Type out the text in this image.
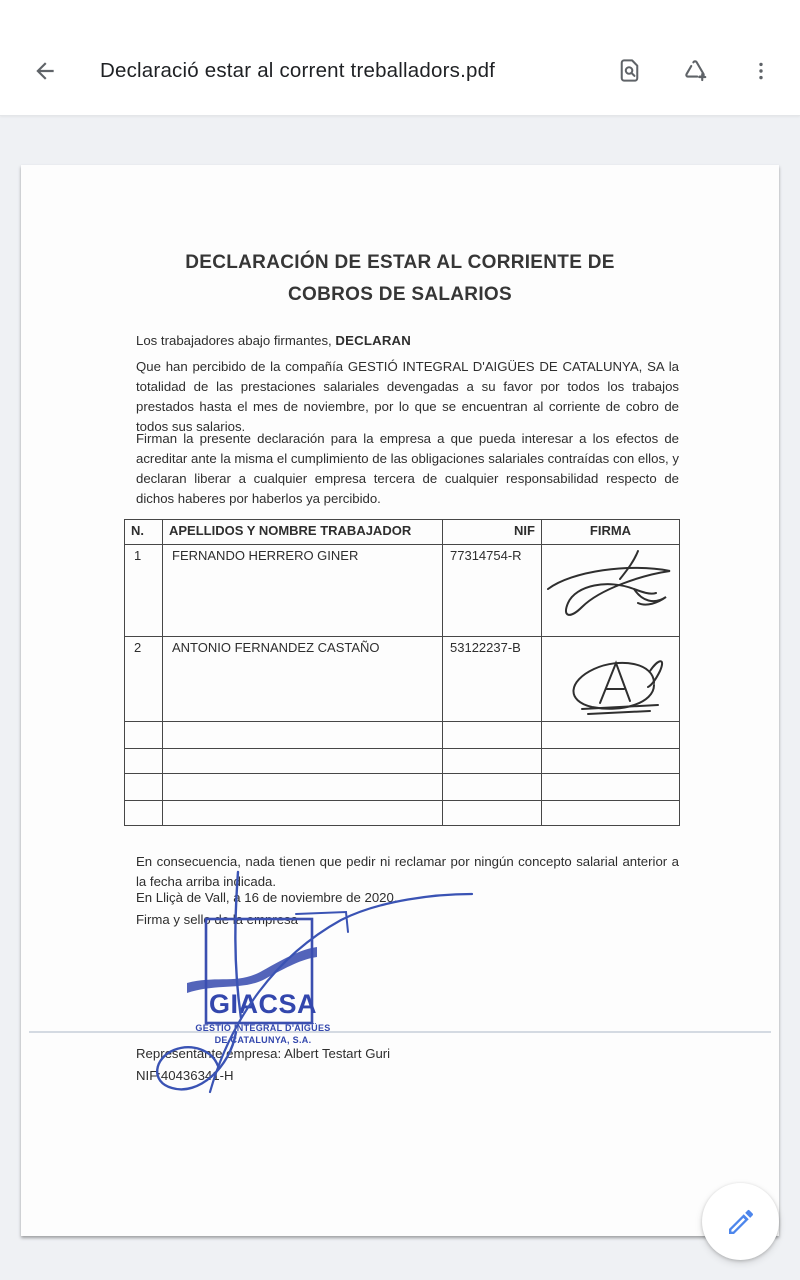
Declaració estar al corrent treballadors.pdf
DECLARACIÓN DE ESTAR AL CORRIENTE DE
COBROS DE SALARIOS
Los trabajadores abajo firmantes, DECLARAN
Que han percibido de la compañía GESTIÓ INTEGRAL D'AIGÜES DE CATALUNYA, SA la totalidad de las prestaciones salariales devengadas a su favor por todos los trabajos prestados hasta el mes de noviembre, por lo que se encuentran al corriente de cobro de todos sus salarios.
Firman la presente declaración para la empresa a que pueda interesar a los efectos de acreditar ante la misma el cumplimiento de las obligaciones salariales contraídas con ellos, y declaran liberar a cualquier empresa tercera de cualquier responsabilidad respecto de dichos haberes por haberlos ya percibido.
N.	APELLIDOS Y NOMBRE TRABAJADOR	NIF	FIRMA
1	FERNANDO HERRERO GINER	77314754-R	

2	ANTONIO FERNANDEZ CASTAÑO	53122237-B	

En consecuencia, nada tienen que pedir ni reclamar por ningún concepto salarial anterior a la fecha arriba indicada.
En Lliçà de Vall, a 16 de noviembre de 2020.
Firma y sello de la empresa
GIACSA
GESTIÓ INTEGRAL D'AIGÜES
DE CATALUNYA, S.A.
Representante empresa: Albert Testart Guri
NIF:40436341-H
